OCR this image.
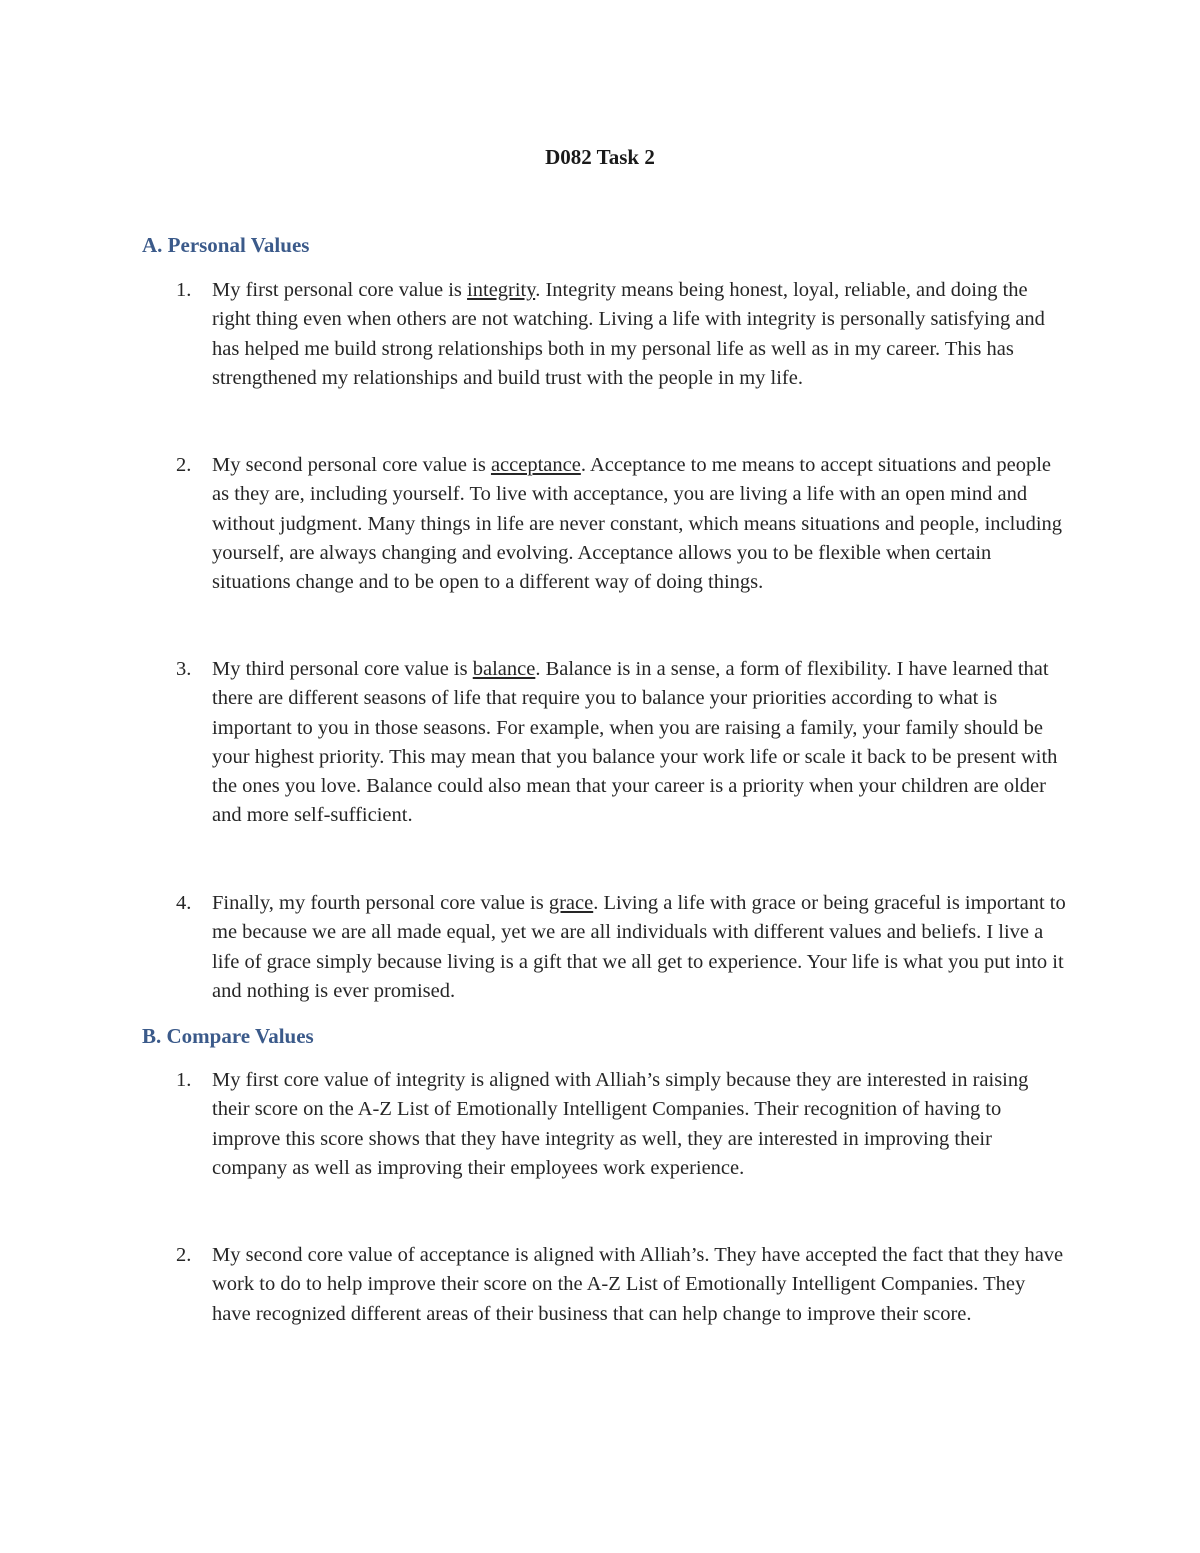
D082 Task 2
A. Personal Values
1.	My first personal core value is integrity. Integrity means being honest, loyal, reliable, and doing the right thing even when others are not watching. Living a life with integrity is personally satisfying and has helped me build strong relationships both in my personal life as well as in my career. This has strengthened my relationships and build trust with the people in my life.
2.	My second personal core value is acceptance. Acceptance to me means to accept situations and people as they are, including yourself. To live with acceptance, you are living a life with an open mind and without judgment. Many things in life are never constant, which means situations and people, including yourself, are always changing and evolving. Acceptance allows you to be flexible when certain situations change and to be open to a different way of doing things.
3.	My third personal core value is balance. Balance is in a sense, a form of flexibility. I have learned that there are different seasons of life that require you to balance your priorities according to what is important to you in those seasons. For example, when you are raising a family, your family should be your highest priority. This may mean that you balance your work life or scale it back to be present with the ones you love. Balance could also mean that your career is a priority when your children are older and more self-sufficient.
4.	Finally, my fourth personal core value is grace. Living a life with grace or being graceful is important to me because we are all made equal, yet we are all individuals with different values and beliefs. I live a life of grace simply because living is a gift that we all get to experience. Your life is what you put into it and nothing is ever promised.
B. Compare Values
1.	My first core value of integrity is aligned with Alliah’s simply because they are interested in raising their score on the A-Z List of Emotionally Intelligent Companies. Their recognition of having to improve this score shows that they have integrity as well, they are interested in improving their company as well as improving their employees work experience.
2.	My second core value of acceptance is aligned with Alliah’s. They have accepted the fact that they have work to do to help improve their score on the A-Z List of Emotionally Intelligent Companies. They have recognized different areas of their business that can help change to improve their score.
